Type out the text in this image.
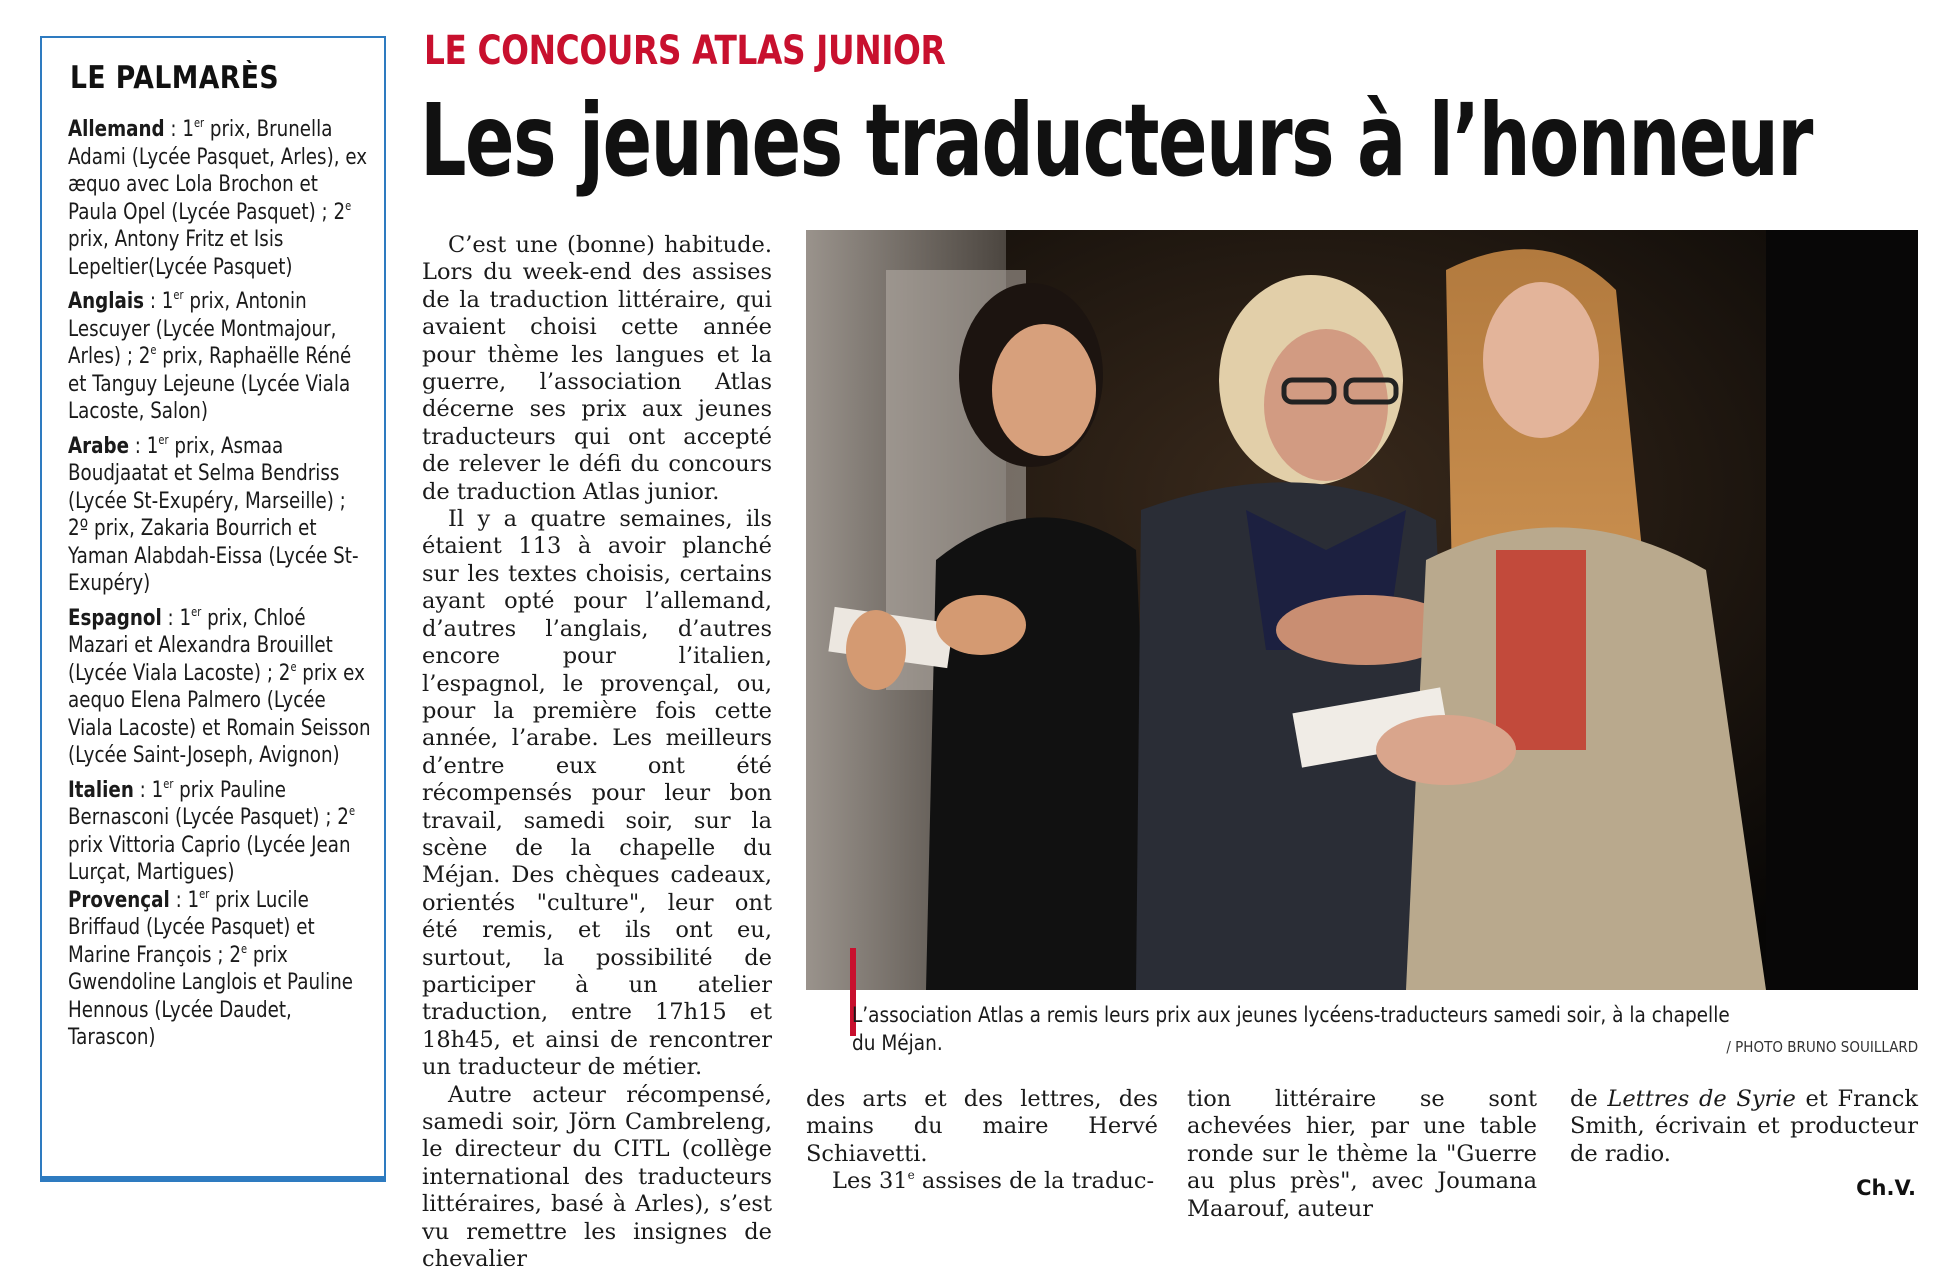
LE PALMARÈS

Allemand : 1er prix, Brunella Adami (Lycée Pasquet, Arles), ex æquo avec Lola Brochon et Paula Opel (Lycée Pasquet) ; 2e prix, Antony Fritz et Isis Lepeltier(Lycée Pasquet)

Anglais : 1er prix, Antonin Lescuyer (Lycée Montmajour, Arles) ; 2e prix, Raphaëlle Réné et Tanguy Lejeune (Lycée Viala Lacoste, Salon)

Arabe : 1er prix, Asmaa Boudjaatat et Selma Bendriss (Lycée St-Exupéry, Marseille) ; 2º prix, Zakaria Bourrich et Yaman Alabdah-Eissa (Lycée St-Exupéry)

Espagnol : 1er prix, Chloé Mazari et Alexandra Brouillet (Lycée Viala Lacoste) ; 2e prix ex aequo Elena Palmero (Lycée Viala Lacoste) et Romain Seisson (Lycée Saint-Joseph, Avignon)

Italien : 1er prix Pauline Bernasconi (Lycée Pasquet) ; 2e prix Vittoria Caprio (Lycée Jean Lurçat, Martigues)

Provençal : 1er prix Lucile Briffaud (Lycée Pasquet) et Marine François ; 2e prix Gwendoline Langlois et Pauline Hennous (Lycée Daudet, Tarascon)

LE CONCOURS ATLAS JUNIOR
Les jeunes traducteurs à l’honneur

C’est une (bonne) habitude. Lors du week-end des assises de la traduction littéraire, qui avaient choisi cette année pour thème les langues et la guerre, l’association Atlas décerne ses prix aux jeunes traducteurs qui ont accepté de relever le défi du concours de traduction Atlas junior.

Il y a quatre semaines, ils étaient 113 à avoir planché sur les textes choisis, certains ayant opté pour l’allemand, d’autres l’anglais, d’autres encore pour l’italien, l’espagnol, le provençal, ou, pour la première fois cette année, l’arabe. Les meilleurs d’entre eux ont été récompensés pour leur bon travail, samedi soir, sur la scène de la chapelle du Méjan. Des chèques cadeaux, orientés "culture", leur ont été remis, et ils ont eu, surtout, la possibilité de participer à un atelier traduction, entre 17h15 et 18h45, et ainsi de rencontrer un traducteur de métier.

Autre acteur récompensé, samedi soir, Jörn Cambreleng, le directeur du CITL (collège international des traducteurs littéraires, basé à Arles), s’est vu remettre les insignes de chevalier

L’association Atlas a remis leurs prix aux jeunes lycéens-traducteurs samedi soir, à la chapelle du Méjan.	/ PHOTO BRUNO SOUILLARD

des arts et des lettres, des mains du maire Hervé Schiavetti.

Les 31e assises de la traduc-

tion littéraire se sont achevées hier, par une table ronde sur le thème la "Guerre au plus près", avec Joumana Maarouf, auteur

de Lettres de Syrie et Franck Smith, écrivain et producteur de radio.

Ch.V.
